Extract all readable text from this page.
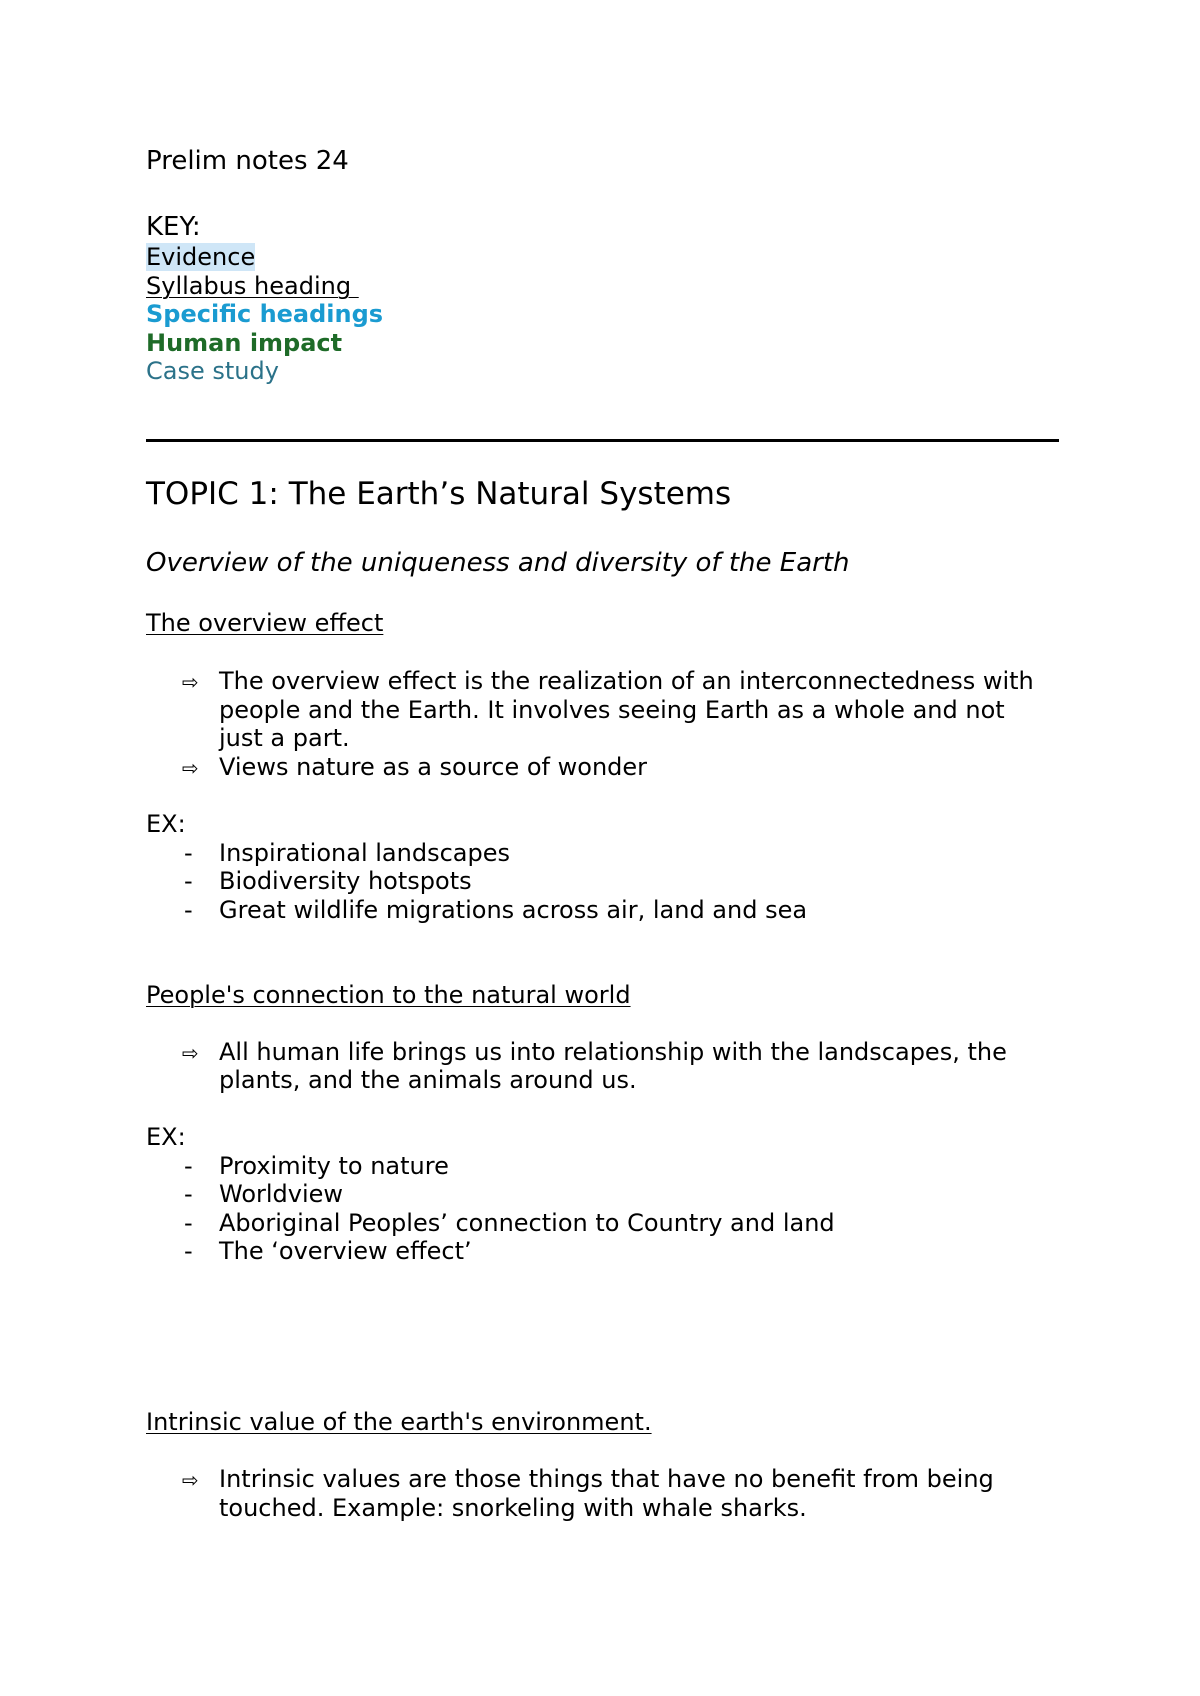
Prelim notes 24
KEY:
Evidence
Syllabus heading
Specific headings
Human impact
Case study
TOPIC 1: The Earth’s Natural Systems
Overview of the uniqueness and diversity of the Earth
The overview effect
⇨ The overview effect is the realization of an interconnectedness with
people and the Earth. It involves seeing Earth as a whole and not
just a part.
⇨ Views nature as a source of wonder
EX:
- Inspirational landscapes
- Biodiversity hotspots
- Great wildlife migrations across air, land and sea
People's connection to the natural world
⇨ All human life brings us into relationship with the landscapes, the
plants, and the animals around us.
EX:
- Proximity to nature
- Worldview
- Aboriginal Peoples’ connection to Country and land
- The ‘overview effect’
Intrinsic value of the earth's environment.
⇨ Intrinsic values are those things that have no benefit from being
touched. Example: snorkeling with whale sharks.
